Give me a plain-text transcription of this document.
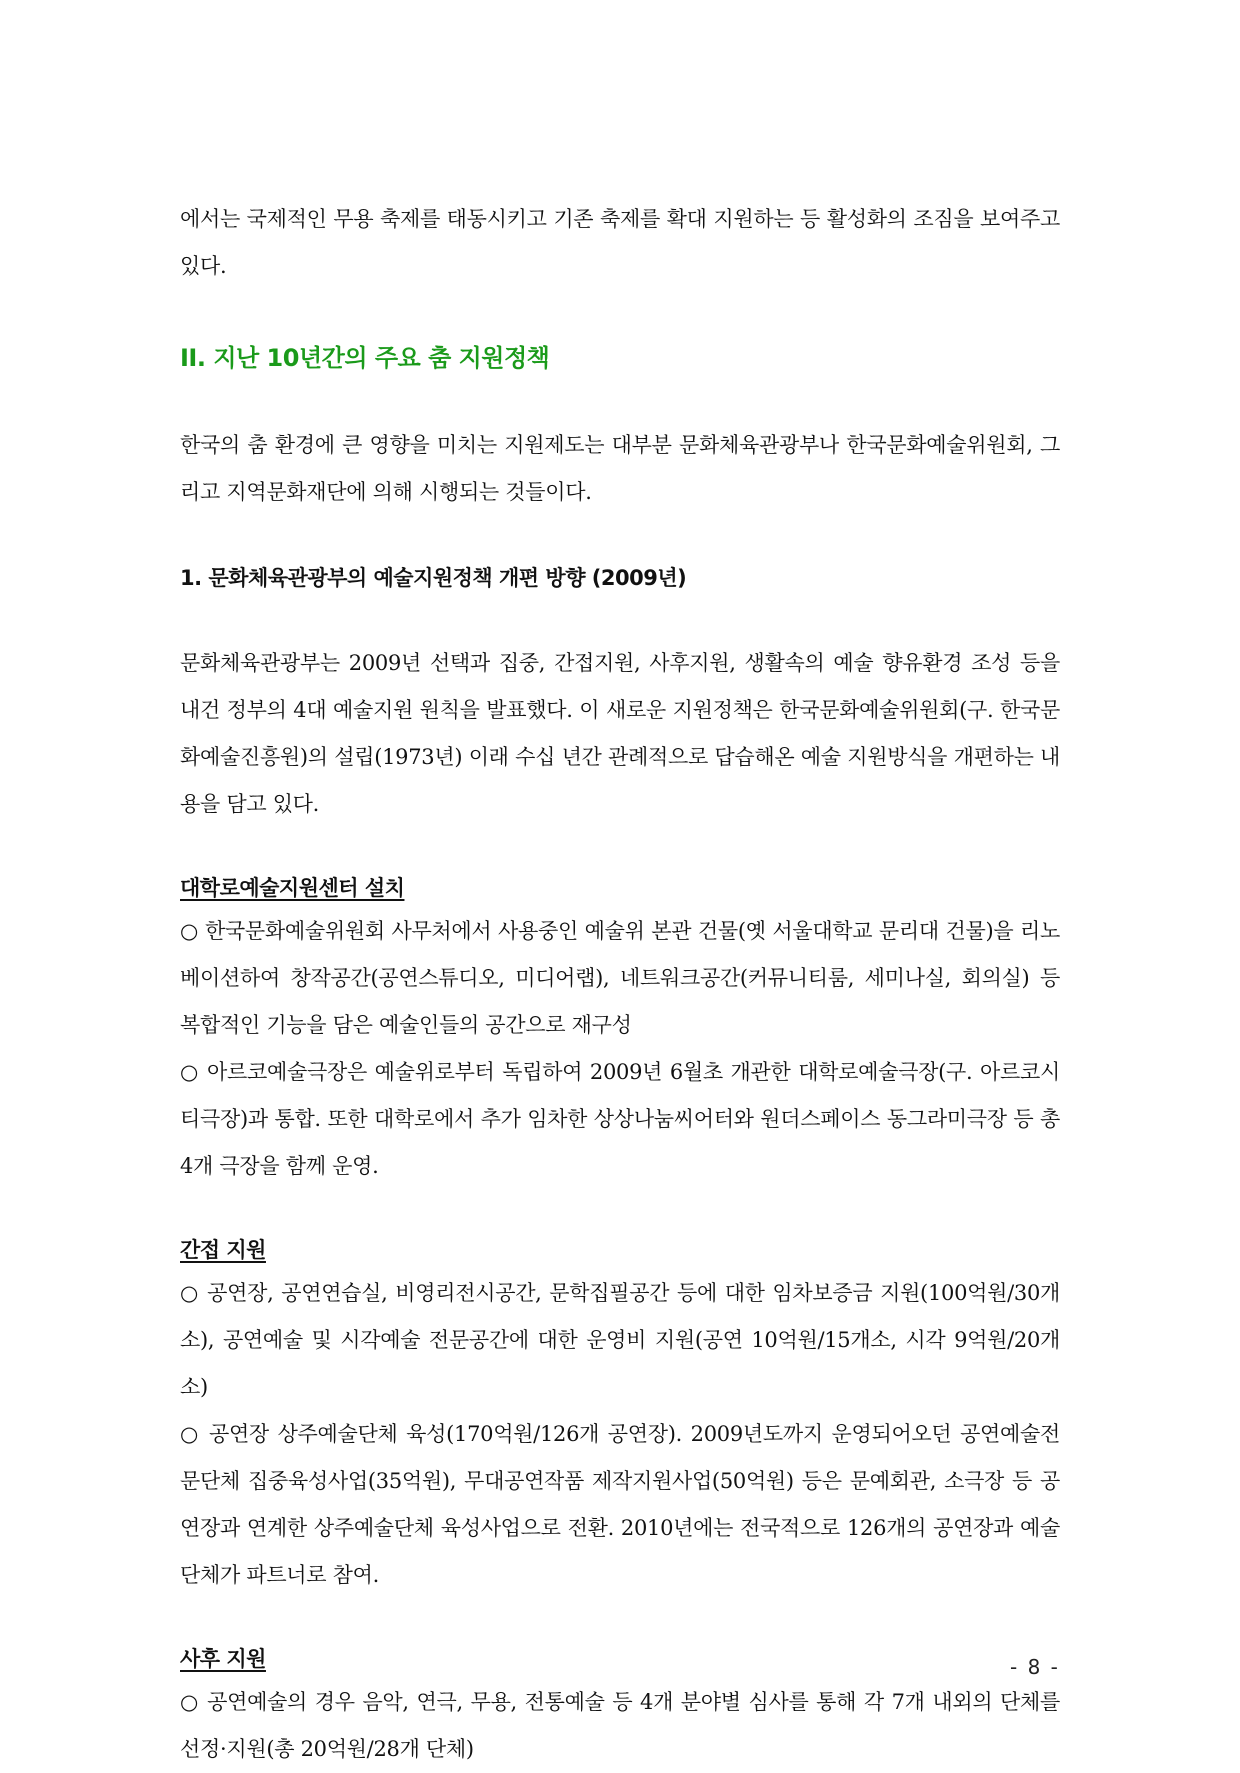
에서는 국제적인 무용 축제를 태동시키고 기존 축제를 확대 지원하는 등 활성화의 조짐을 보여주고 있다.

II. 지난 10년간의 주요 춤 지원정책

한국의 춤 환경에 큰 영향을 미치는 지원제도는 대부분 문화체육관광부나 한국문화예술위원회, 그리고 지역문화재단에 의해 시행되는 것들이다.

1. 문화체육관광부의 예술지원정책 개편 방향 (2009년)

문화체육관광부는 2009년 선택과 집중, 간접지원, 사후지원, 생활속의 예술 향유환경 조성 등을 내건 정부의 4대 예술지원 원칙을 발표했다. 이 새로운 지원정책은 한국문화예술위원회(구. 한국문화예술진흥원)의 설립(1973년) 이래 수십 년간 관례적으로 답습해온 예술 지원방식을 개편하는 내용을 담고 있다.

대학로예술지원센터 설치

○ 한국문화예술위원회 사무처에서 사용중인 예술위 본관 건물(옛 서울대학교 문리대 건물)을 리노베이션하여 창작공간(공연스튜디오, 미디어랩), 네트워크공간(커뮤니티룸, 세미나실, 회의실) 등 복합적인 기능을 담은 예술인들의 공간으로 재구성

○ 아르코예술극장은 예술위로부터 독립하여 2009년 6월초 개관한 대학로예술극장(구. 아르코시티극장)과 통합. 또한 대학로에서 추가 임차한 상상나눔씨어터와 원더스페이스 동그라미극장 등 총 4개 극장을 함께 운영.

간접 지원

○ 공연장, 공연연습실, 비영리전시공간, 문학집필공간 등에 대한 임차보증금 지원(100억원/30개소), 공연예술 및 시각예술 전문공간에 대한 운영비 지원(공연 10억원/15개소, 시각 9억원/20개소)

○ 공연장 상주예술단체 육성(170억원/126개 공연장). 2009년도까지 운영되어오던 공연예술전문단체 집중육성사업(35억원), 무대공연작품 제작지원사업(50억원) 등은 문예회관, 소극장 등 공연장과 연계한 상주예술단체 육성사업으로 전환. 2010년에는 전국적으로 126개의 공연장과 예술단체가 파트너로 참여.

사후 지원

○ 공연예술의 경우 음악, 연극, 무용, 전통예술 등 4개 분야별 심사를 통해 각 7개 내외의 단체를 선정·지원(총 20억원/28개 단체)

- 8 -
